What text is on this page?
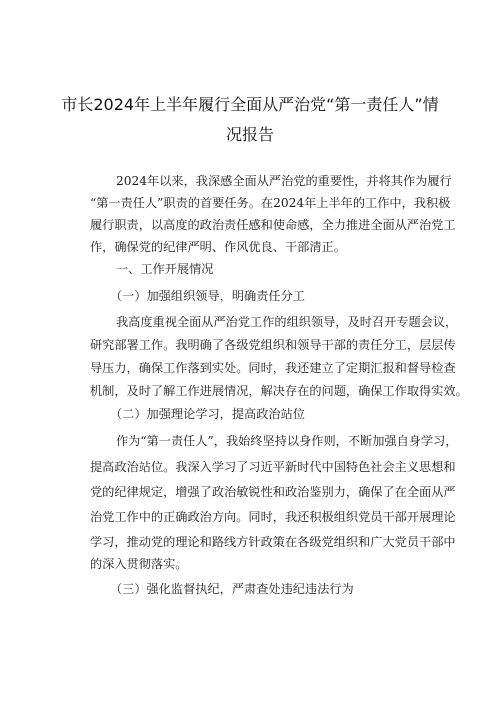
市长2024年上半年履行全面从严治党“第一责任人”情
况报告
2024年以来，我深感全面从严治党的重要性，并将其作为履行
“第一责任人”职责的首要任务。在2024年上半年的工作中，我积极
履行职责，以高度的政治责任感和使命感，全力推进全面从严治党工
作，确保党的纪律严明、作风优良、干部清正。
一、工作开展情况
（一）加强组织领导，明确责任分工
我高度重视全面从严治党工作的组织领导，及时召开专题会议，
研究部署工作。我明确了各级党组织和领导干部的责任分工，层层传
导压力，确保工作落到实处。同时，我还建立了定期汇报和督导检查
机制，及时了解工作进展情况，解决存在的问题，确保工作取得实效。
（二）加强理论学习，提高政治站位
作为“第一责任人”，我始终坚持以身作则，不断加强自身学习，
提高政治站位。我深入学习了习近平新时代中国特色社会主义思想和
党的纪律规定，增强了政治敏锐性和政治鉴别力，确保了在全面从严
治党工作中的正确政治方向。同时，我还积极组织党员干部开展理论
学习，推动党的理论和路线方针政策在各级党组织和广大党员干部中
的深入贯彻落实。
（三）强化监督执纪，严肃查处违纪违法行为
